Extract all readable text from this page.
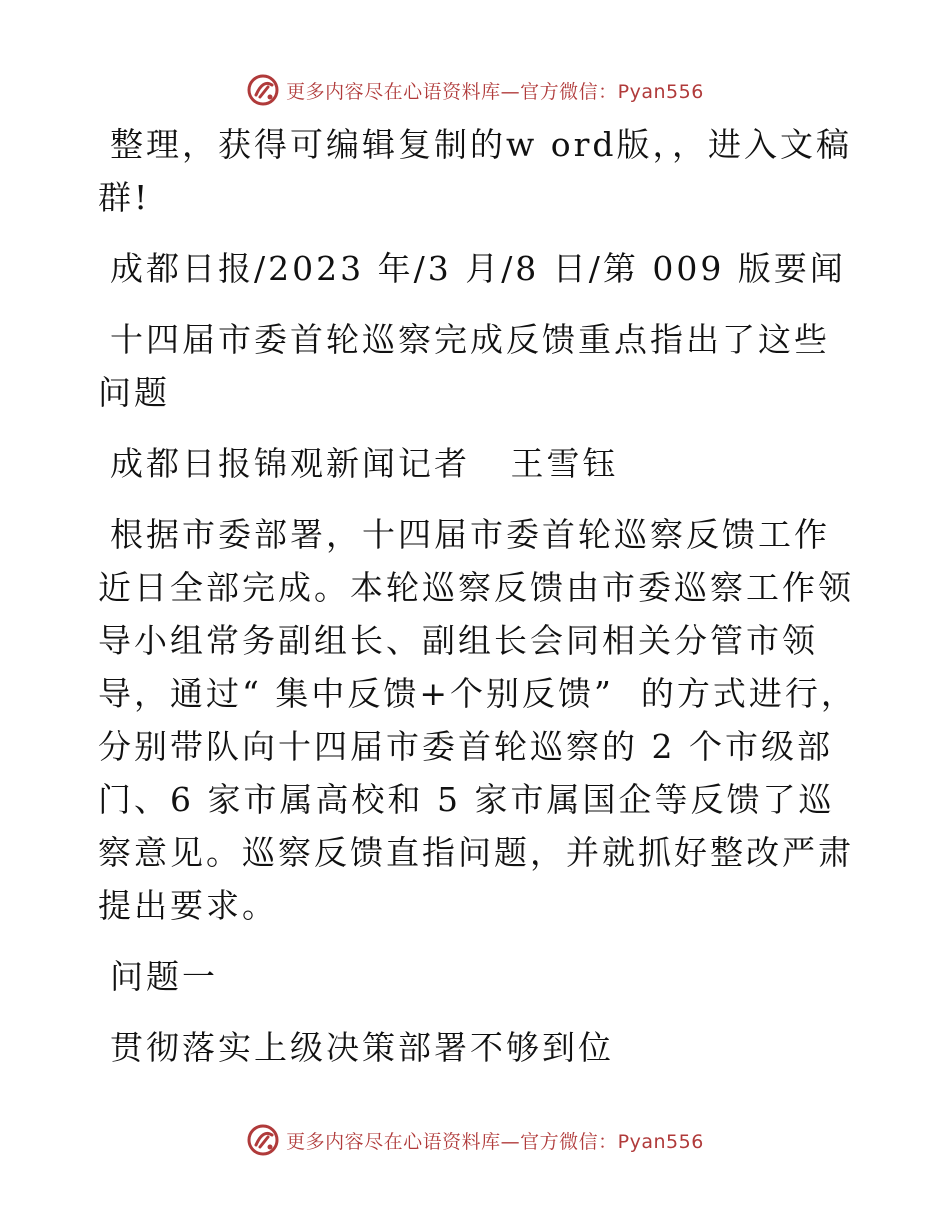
更多内容尽在心语资料库—官方微信：Pyan556

整理，获得可编辑复制的w ord版，，进入文稿群!

成都日报/2023 年/3 月/8 日/第 009 版要闻

十四届市委首轮巡察完成反馈重点指出了这些问题

成都日报锦观新闻记者   王雪钰

根据市委部署，十四届市委首轮巡察反馈工作近日全部完成。本轮巡察反馈由市委巡察工作领导小组常务副组长、副组长会同相关分管市领导，通过“ 集中反馈+个别反馈”  的方式进行，分别带队向十四届市委首轮巡察的 2 个市级部门、6 家市属高校和 5 家市属国企等反馈了巡察意见。巡察反馈直指问题，并就抓好整改严肃提出要求。

问题一

贯彻落实上级决策部署不够到位

更多内容尽在心语资料库—官方微信：Pyan556
